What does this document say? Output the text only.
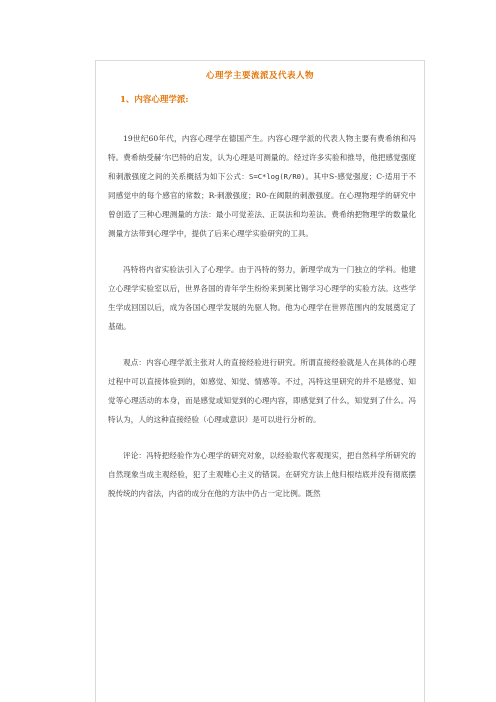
心理学主要流派及代表人物
1、内容心理学派:

19世纪60年代，内容心理学在德国产生。内容心理学派的代表人物主要有费希纳和冯特。费希纳受赫‘尔巴特的启发，认为心理是可测量的。经过许多实验和推导，他把感觉强度和刺激强度之间的关系概括为如下公式：S=C*log(R/R0)。其中S-感觉强度；C-适用于不同感觉中的每个感官的常数；R-刺激强度；R0-在阈限的刺激强度。在心理物理学的研究中曾创造了三种心理测量的方法：最小可觉差法、正误法和均差法。费希纳把物理学的数量化测量方法带到心理学中，提供了后来心理学实验研究的工具。

冯特将内省实验法引入了心理学。由于冯特的努力，新理学成为一门独立的学科。他建立心理学实验室以后，世界各国的青年学生纷纷来到莱比锡学习心理学的实验方法。这些学生学成回国以后，成为各国心理学发展的先驱人物。他为心理学在世界范围内的发展奠定了基础。

观点：内容心理学派主张对人的直接经验进行研究。所谓直接经验就是人在具体的心理过程中可以直接体验到的，如感觉、知觉、情感等。不过，冯特这里研究的并不是感觉、知觉等心理活动的本身，而是感觉或知觉到的心理内容，即感觉到了什么，知觉到了什么。冯特认为，人的这种直接经验（心理或意识）是可以进行分析的。

评论：冯特把经验作为心理学的研究对象，以经验取代客观现实，把自然科学所研究的自然现象当成主观经验，犯了主观唯心主义的错误。在研究方法上他归根结底并没有彻底摆脱传统的内省法，内省的成分在他的方法中仍占一定比例。既然
